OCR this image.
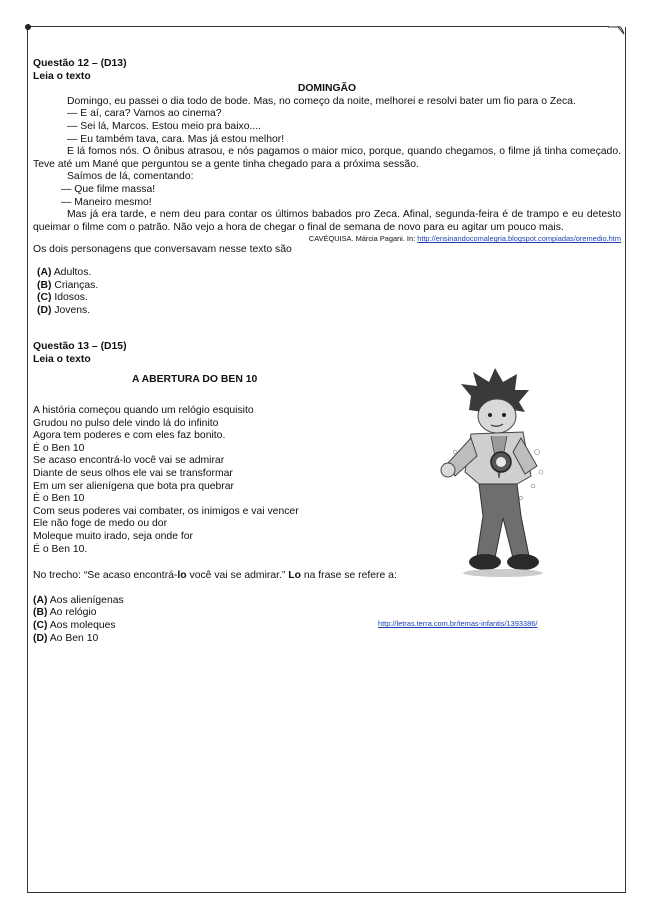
Questão 12 – (D13)

Leia o texto

DOMINGÃO

Domingo, eu passei o dia todo de bode. Mas, no começo da noite, melhorei e resolvi bater um fio para o Zeca.

— E aí, cara? Vamos ao cinema?

— Sei lá, Marcos. Estou meio pra baixo....

— Eu também tava, cara. Mas já estou melhor!

E lá fomos nós. O ônibus atrasou, e nós pagamos o maior mico, porque, quando chegamos, o filme já tinha começado. Teve até um Mané que perguntou se a gente tinha chegado para a próxima sessão.

Saímos de lá, comentando:

— Que filme massa!

— Maneiro mesmo!

Mas já era tarde, e nem deu para contar os últimos babados pro Zeca. Afinal, segunda-feira é de trampo e eu detesto queimar o filme com o patrão. Não vejo a hora de chegar o final de semana de novo para eu agitar um pouco mais.

CAVÉQUISA. Márcia Pagani. In: http://ensinandocomalegria.blogspot.compiadas/oremedio.htm

Os dois personagens que conversavam nesse texto são

(A) Adultos.

(B) Crianças.

(C) Idosos.

(D) Jovens.

Questão 13 – (D15)

Leia o texto

A ABERTURA DO BEN 10

A história começou quando um relógio esquisito

Grudou no pulso dele vindo lá do infinito

Agora tem poderes e com eles faz bonito.

É o Ben 10

Se acaso encontrá-lo você vai se admirar

Diante de seus olhos ele vai se transformar

Em um ser alienígena que bota pra quebrar

É o Ben 10

Com seus poderes vai combater, os inimigos e vai vencer

Ele não foge de medo ou dor

Moleque muito irado, seja onde for

É o Ben 10.

http://letras.terra.com.br/temas-infantis/1393386/

No trecho: “Se acaso encontrá-lo você vai se admirar.” Lo na frase se refere a:

(A) Aos alienígenas

(B) Ao relógio

(C) Aos moleques

(D) Ao Ben 10
